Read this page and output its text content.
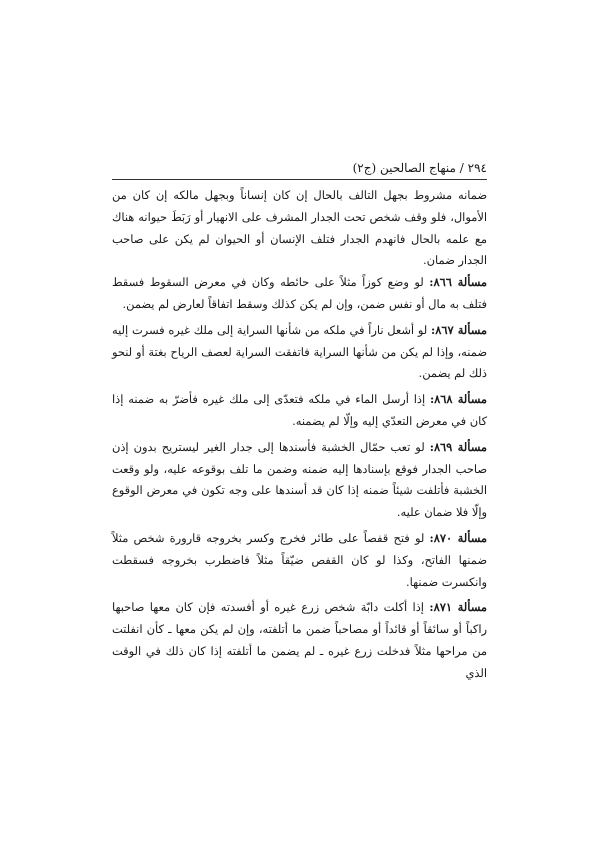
٢٩٤ / منهاج الصالحين (ج٢)

ضمانه مشروط بجهل التالف بالحال إن كان إنساناً وبجهل مالكه إن كان من الأموال، فلو وقف شخص تحت الجدار المشرف على الانهيار أو رَبَطَ حيوانه هناك مع علمه بالحال فانهدم الجدار فتلف الإنسان أو الحيوان لم يكن على صاحب الجدار ضمان.

مسألة ٨٦٦: لو وضع كوزاً مثلاً على حائطه وكان في معرض السقوط فسقط فتلف به مال أو نفس ضمن، وإن لم يكن كذلك وسقط اتفاقاً لعارض لم يضمن.

مسألة ٨٦٧: لو أشعل ناراً في ملكه من شأنها السراية إلى ملك غيره فسرت إليه ضمنه، وإذا لم يكن من شأنها السراية فاتفقت السراية لعصف الرياح بغتة أو لنحو ذلك لم يضمن.

مسألة ٨٦٨: إذا أرسل الماء في ملكه فتعدّى إلى ملك غيره فأضرّ به ضمنه إذا كان في معرض التعدّي إليه وإلّا لم يضمنه.

مسألة ٨٦٩: لو تعب حمّال الخشبة فأسندها إلى جدار الغير ليستريح بدون إذن صاحب الجدار فوقع بإسنادها إليه ضمنه وضمن ما تلف بوقوعه عليه، ولو وقعت الخشبة فأتلفت شيئاً ضمنه إذا كان قد أسندها على وجه تكون في معرض الوقوع وإلّا فلا ضمان عليه.

مسألة ٨٧٠: لو فتح قفصاً على طائر فخرج وكسر بخروجه قارورة شخص مثلاً ضمنها الفاتح، وكذا لو كان القفص ضيّقاً مثلاً فاضطرب بخروجه فسقطت وانكسرت ضمنها.

مسألة ٨٧١: إذا أكلت دابّة شخص زرع غيره أو أفسدته فإن كان معها صاحبها راكباً أو سائقاً أو قائداً أو مصاحباً ضمن ما أتلفته، وإن لم يكن معها ـ كأن انفلتت من مراحها مثلاً فدخلت زرع غيره ـ لم يضمن ما أتلفته إذا كان ذلك في الوقت الذي
